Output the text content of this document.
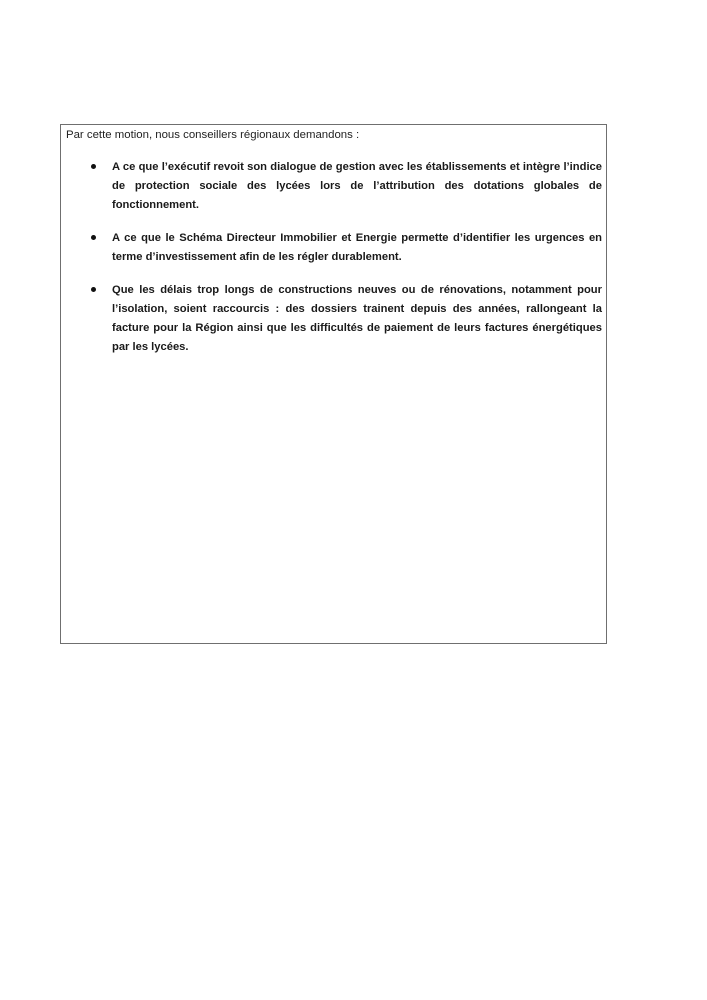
Par cette motion, nous conseillers régionaux demandons :
A ce que l’exécutif revoit son dialogue de gestion avec les établissements et intègre l’indice de protection sociale des lycées lors de l’attribution des dotations globales de fonctionnement.
A ce que le Schéma Directeur Immobilier et Energie permette d’identifier les urgences en terme d’investissement afin de les régler durablement.
Que les délais trop longs de constructions neuves ou de rénovations, notamment pour l’isolation, soient raccourcis : des dossiers trainent depuis des années, rallongeant la facture pour la Région ainsi que les difficultés de paiement de leurs factures énergétiques par les lycées.
